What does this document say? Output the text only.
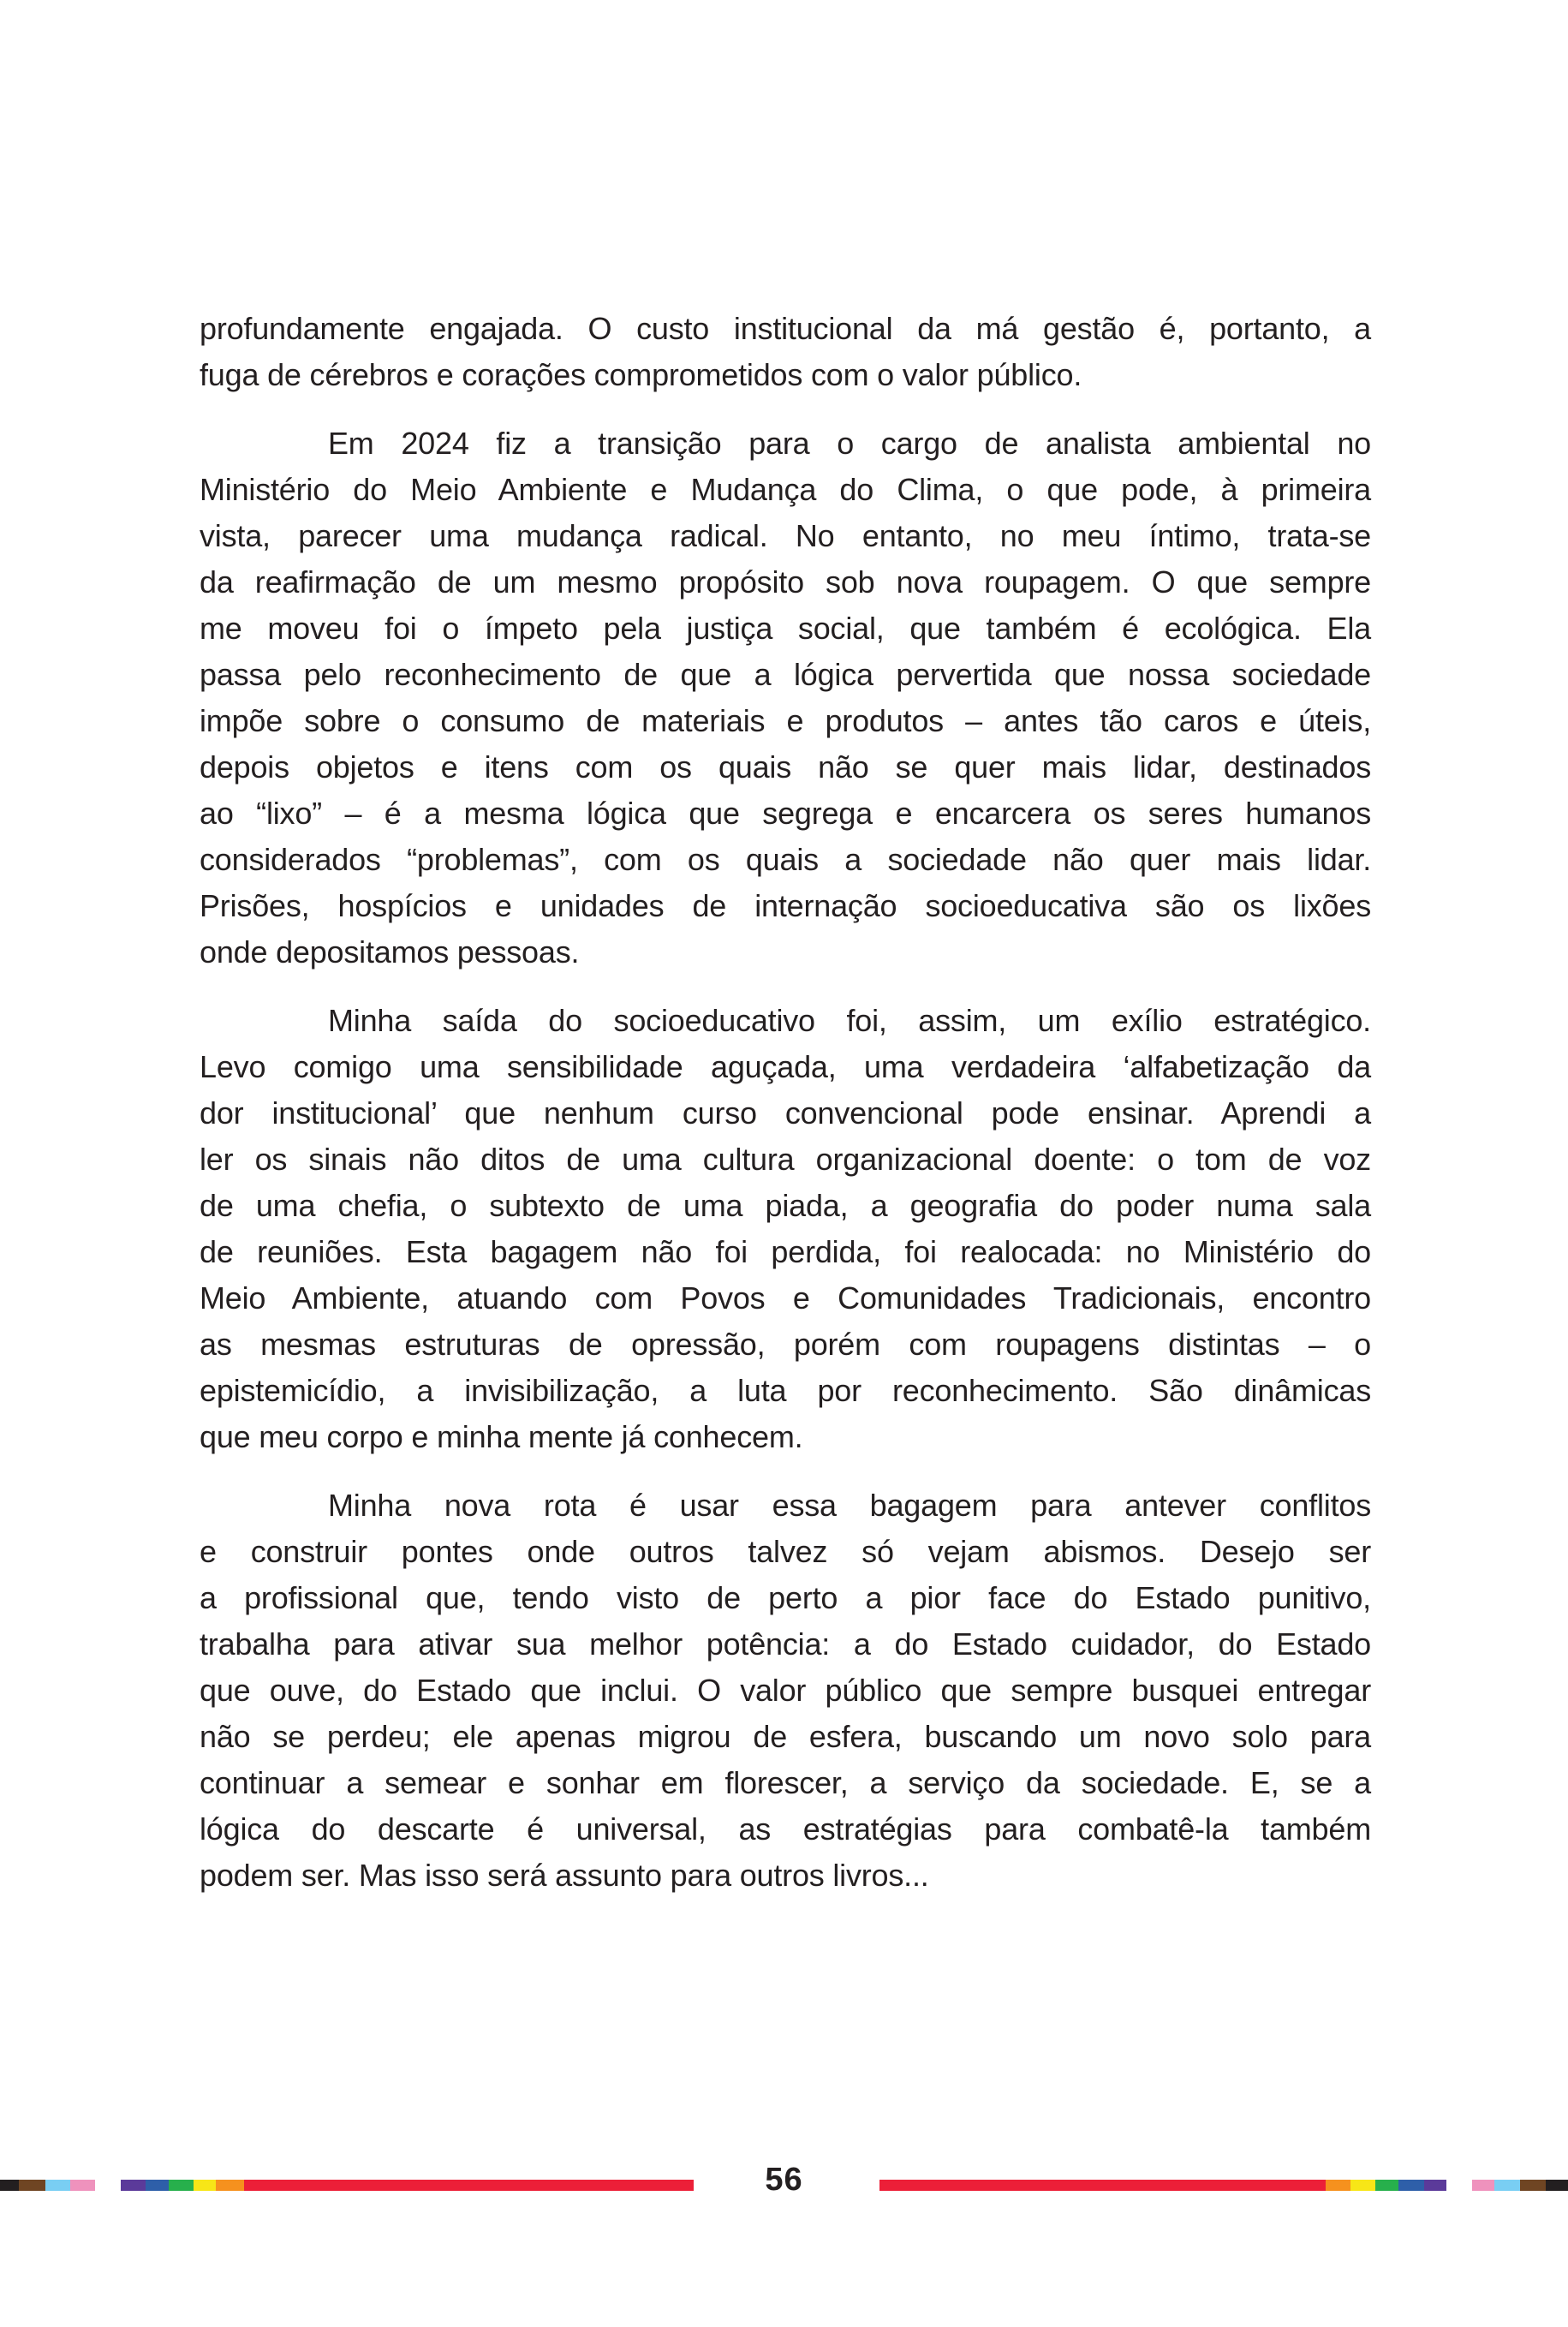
profundamente engajada. O custo institucional da má gestão é, portanto, a
fuga de cérebros e corações comprometidos com o valor público.
Em 2024 fiz a transição para o cargo de analista ambiental no
Ministério do Meio Ambiente e Mudança do Clima, o que pode, à primeira
vista, parecer uma mudança radical. No entanto, no meu íntimo, trata-se
da reafirmação de um mesmo propósito sob nova roupagem. O que sempre
me moveu foi o ímpeto pela justiça social, que também é ecológica. Ela
passa pelo reconhecimento de que a lógica pervertida que nossa sociedade
impõe sobre o consumo de materiais e produtos – antes tão caros e úteis,
depois objetos e itens com os quais não se quer mais lidar, destinados
ao “lixo” – é a mesma lógica que segrega e encarcera os seres humanos
considerados “problemas”, com os quais a sociedade não quer mais lidar.
Prisões, hospícios e unidades de internação socioeducativa são os lixões
onde depositamos pessoas.
Minha saída do socioeducativo foi, assim, um exílio estratégico.
Levo comigo uma sensibilidade aguçada, uma verdadeira ‘alfabetização da
dor institucional’ que nenhum curso convencional pode ensinar. Aprendi a
ler os sinais não ditos de uma cultura organizacional doente: o tom de voz
de uma chefia, o subtexto de uma piada, a geografia do poder numa sala
de reuniões. Esta bagagem não foi perdida, foi realocada: no Ministério do
Meio Ambiente, atuando com Povos e Comunidades Tradicionais, encontro
as mesmas estruturas de opressão, porém com roupagens distintas – o
epistemicídio, a invisibilização, a luta por reconhecimento. São dinâmicas
que meu corpo e minha mente já conhecem.
Minha nova rota é usar essa bagagem para antever conflitos
e construir pontes onde outros talvez só vejam abismos. Desejo ser
a profissional que, tendo visto de perto a pior face do Estado punitivo,
trabalha para ativar sua melhor potência: a do Estado cuidador, do Estado
que ouve, do Estado que inclui. O valor público que sempre busquei entregar
não se perdeu; ele apenas migrou de esfera, buscando um novo solo para
continuar a semear e sonhar em florescer, a serviço da sociedade. E, se a
lógica do descarte é universal, as estratégias para combatê-la também
podem ser. Mas isso será assunto para outros livros...
56
